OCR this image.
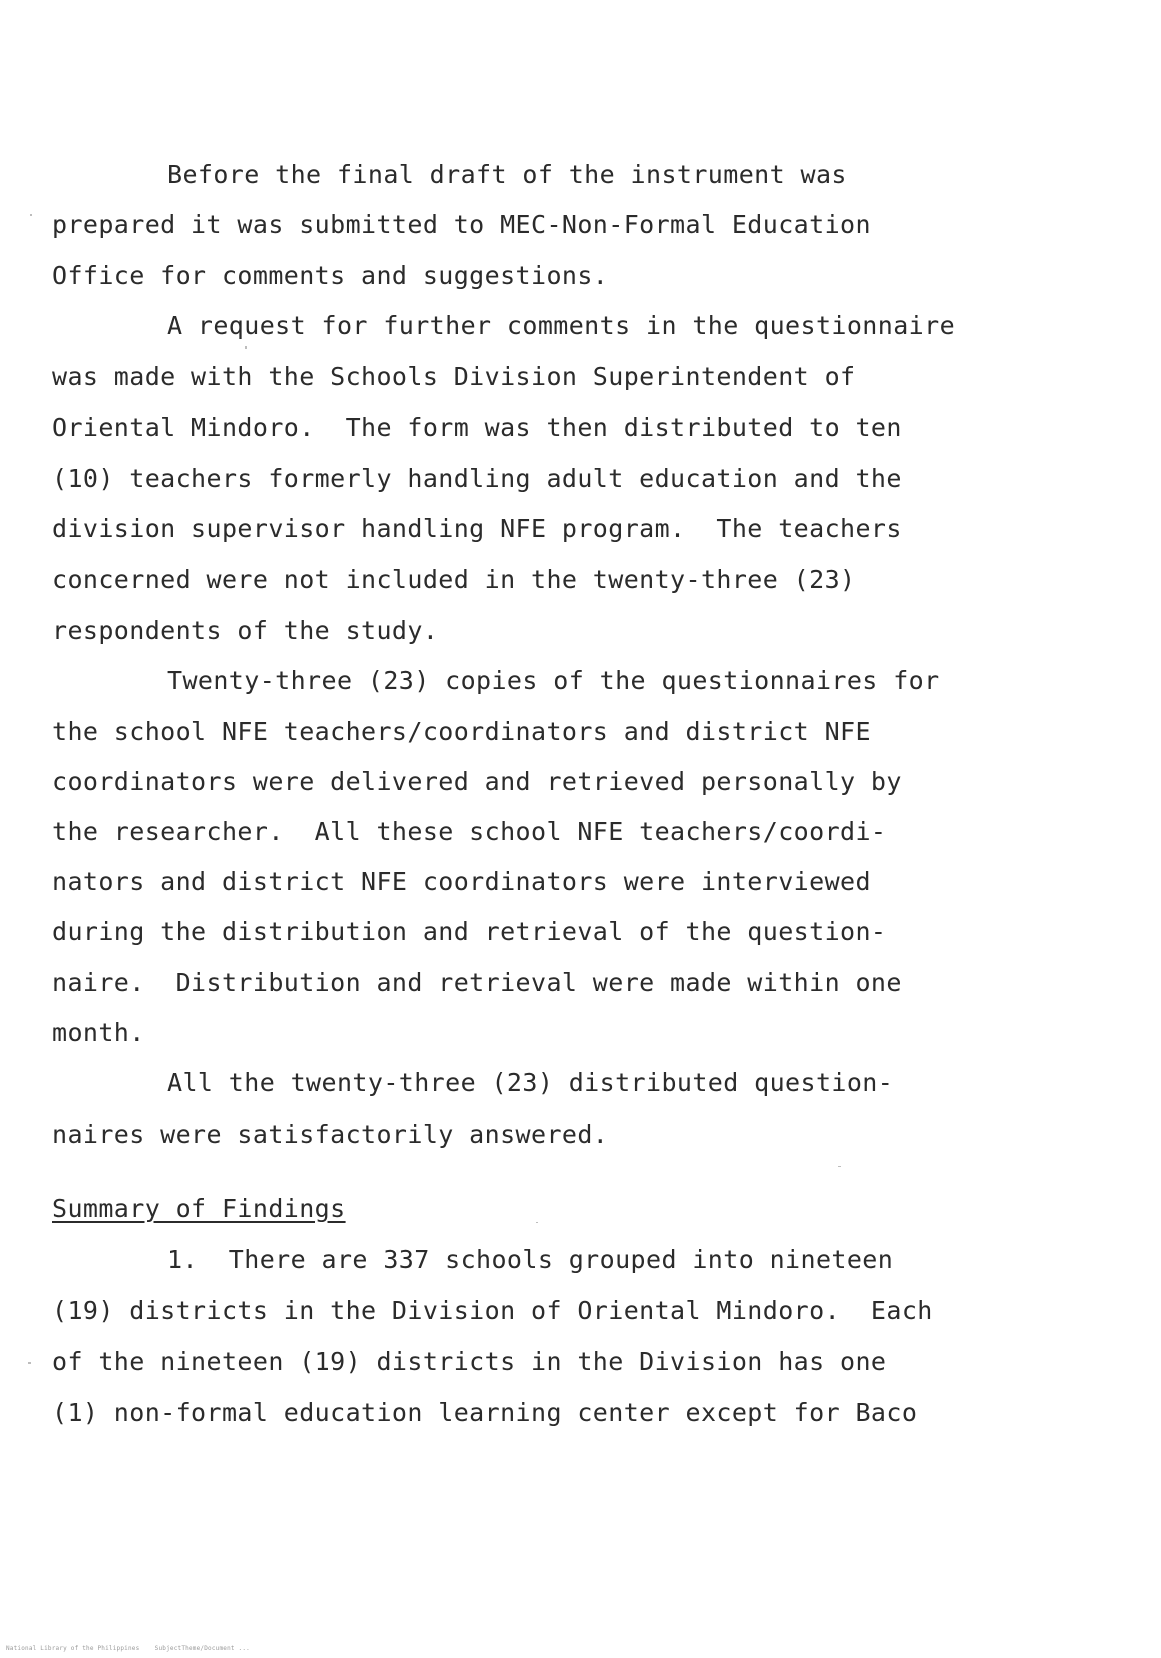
Before the final draft of the instrument was
prepared it was submitted to MEC-Non-Formal Education
Office for comments and suggestions.
A request for further comments in the questionnaire
was made with the Schools Division Superintendent of
Oriental Mindoro.  The form was then distributed to ten
(10) teachers formerly handling adult education and the
division supervisor handling NFE program.  The teachers
concerned were not included in the twenty-three (23)
respondents of the study.
Twenty-three (23) copies of the questionnaires for
the school NFE teachers/coordinators and district NFE
coordinators were delivered and retrieved personally by
the researcher.  All these school NFE teachers/coordi-
nators and district NFE coordinators were interviewed
during the distribution and retrieval of the question-
naire.  Distribution and retrieval were made within one
month.
All the twenty-three (23) distributed question-
naires were satisfactorily answered.
Summary of Findings
1.  There are 337 schools grouped into nineteen
(19) districts in the Division of Oriental Mindoro.  Each
of the nineteen (19) districts in the Division has one
(1) non-formal education learning center except for Baco
National Library of the Philippines    SubjectTheme/Document ...
